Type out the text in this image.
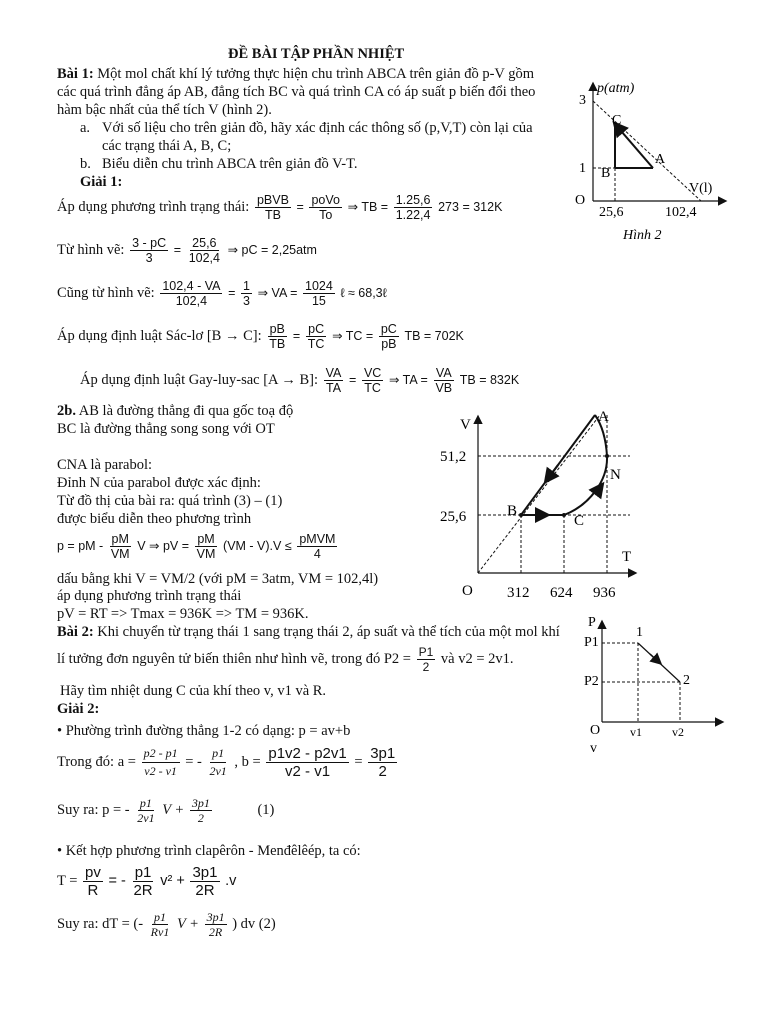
ĐỀ BÀI TẬP PHẦN NHIỆT
Bài 1: Một mol chất khí lý tưởng thực hiện chu trình ABCA trên giản đồ p-V gồm
các quá trình đẳng áp AB, đẳng tích BC và quá trình CA có áp suất p biến đổi theo
hàm bậc nhất của thể tích V (hình 2).
a. Với số liệu cho trên giản đồ, hãy xác định các thông số (p,V,T) còn lại của
các trạng thái A, B, C;
b. Biểu diễn chu trình ABCA trên giản đồ V-T.
Giải 1:
Áp dụng phương trình trạng thái: $\frac{\text{pBVB}}{TB} = \frac{\text{poVo}}{To}$ ⇒ TB = $\frac{1.25,6}{1.22,4} 273 = 312K$
Từ hình vẽ: $\frac{3 - pC}{3} = \frac{25,6}{102,4}$ ⇒ pC = 2,25atm
Cũng từ hình vẽ: $\frac{102,4 - VA}{102,4} = \frac{1}{3}$ ⇒ VA = $\frac{1024}{15}$ ℓ ≈ 68,3ℓ
Áp dụng định luật Sác-lơ [B → C]: $\frac{pB}{TB} = \frac{pC}{TC}$ ⇒ TC = $\frac{pC}{pB}$ TB = 702K
Áp dụng định luật Gay-luy-sac [A → B]: $\frac{VA}{TA} = \frac{VC}{TC}$ ⇒ TA = $\frac{VA}{VB}$ TB = 832K
2b. AB là đường thẳng đi qua gốc toạ độ
BC là đường thẳng song song với OT
CNA là parabol:
Đỉnh N của parabol được xác định:
Từ đồ thị của bài ra: quá trình (3) – (1)
được biểu diễn theo phương trình
p = pM - $\frac{pM}{VM}$ V ⇒ pV = $\frac{pM}{VM} (VM - V).V \le \frac{\text{pMVM}}{4}$
dấu bằng khi V = VM/2 (với pM = 3atm, VM = 102,4l)
áp dụng phương trình trạng thái
pV = RT => Tmax = 936K => TM = 936K.
Bài 2: Khi chuyển từ trạng thái 1 sang trạng thái 2, áp suất và thể tích của một mol khí
lí tưởng đơn nguyên tử biến thiên như hình vẽ, trong đó $P2 = \frac{P1}{2}$ và v2 = 2v1.
Hãy tìm nhiệt dung C của khí theo v, v1 và R.
Giải 2:
• Phường trình đường thẳng 1-2 có dạng: p = av+b
Trong đó: $a = \frac{p2 - p1}{v2 - v1}$ = - $\frac{p1}{2v1}$ , $b = \frac{p1v2 - p2v1}{v2 - v1} = \frac{3p1}{2}$
Suy ra: p = - $\frac{p1}{2v1}$ $V + \frac{3p1}{2}$	(1)
• Kết hợp phương trình clapêrôn - Menđêlêép, ta có:
$T = \frac{pv}{R}$ = - $\frac{p1}{2R} v^2 + \frac{3p1}{2R} .v$
Suy ra: dT = (- $\frac{p1}{Rv1}$ $V + \frac{3p1}{2R}$ ) dv (2)
3
p(atm)
1
O
25,6	102,4
V(l)
A
B
C
Hình 2
V
51,2
25,6
O 312 624 936
T
A
B
C
N
P
P1
P2
O
v
v1	v2
1
2
